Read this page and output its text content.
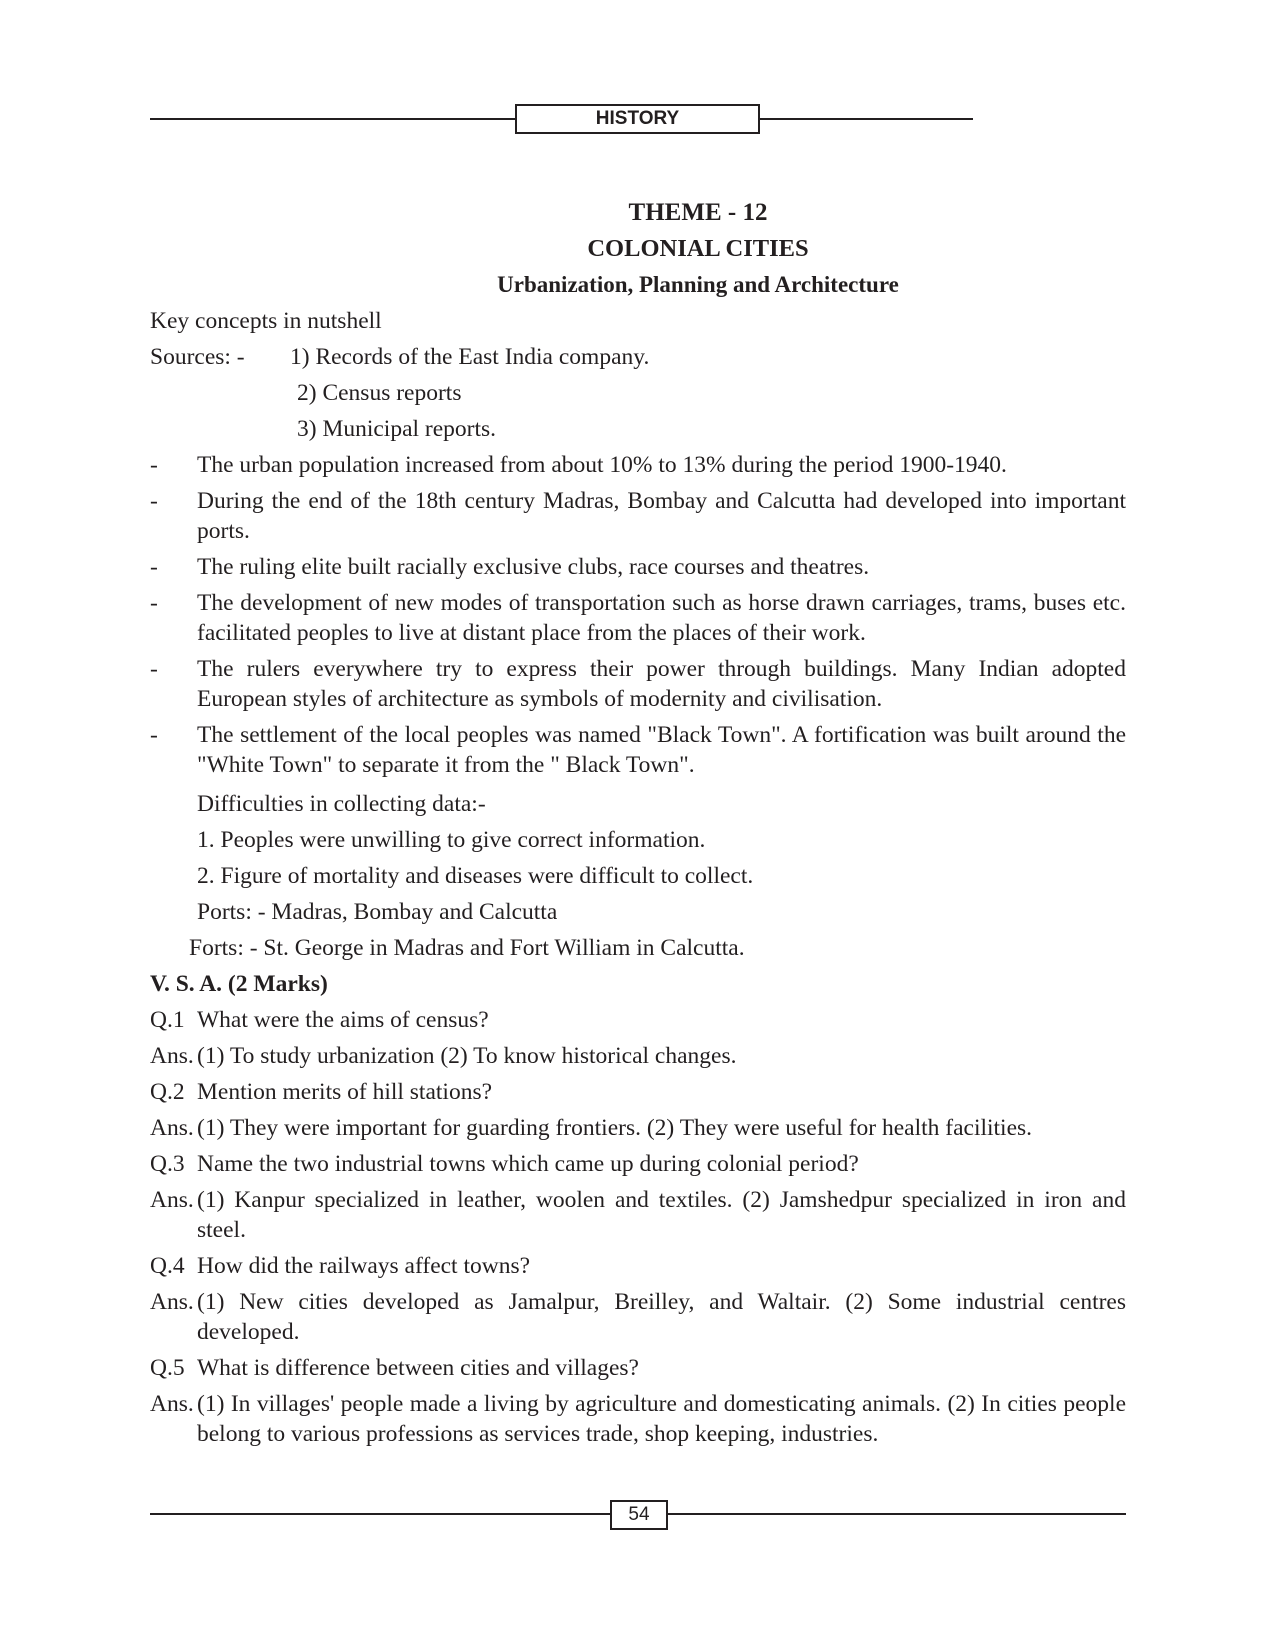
HISTORY
THEME - 12
COLONIAL CITIES
Urbanization, Planning and Architecture
Key concepts in nutshell
Sources: -	1) Records of the East India company.
2) Census reports
3) Municipal reports.
-	The urban population increased from about 10% to 13% during the period 1900-1940.
-	During the end of the 18th century Madras, Bombay and Calcutta had developed into important ports.
-	The ruling elite built racially exclusive clubs, race courses and theatres.
-	The development of new modes of transportation such as horse drawn carriages, trams, buses etc. facilitated peoples to live at distant place from the places of their work.
-	The rulers everywhere try to express their power through buildings. Many Indian adopted European styles of architecture as symbols of modernity and civilisation.
-	The settlement of the local peoples was named "Black Town". A fortification was built around the "White Town" to separate it from the " Black Town".
Difficulties in collecting data:-
1. Peoples were unwilling to give correct information.
2. Figure of mortality and diseases were difficult to collect.
Ports: - Madras, Bombay and Calcutta
Forts: - St. George in Madras and Fort William in Calcutta.
V. S. A. (2 Marks)
Q.1 What were the aims of census?
Ans. (1) To study urbanization (2) To know historical changes.
Q.2 Mention merits of hill stations?
Ans. (1) They were important for guarding frontiers. (2) They were useful for health facilities.
Q.3 Name the two industrial towns which came up during colonial period?
Ans. (1) Kanpur specialized in leather, woolen and textiles. (2) Jamshedpur specialized in iron and steel.
Q.4 How did the railways affect towns?
Ans. (1) New cities developed as Jamalpur, Breilley, and Waltair. (2) Some industrial centres developed.
Q.5 What is difference between cities and villages?
Ans. (1) In villages' people made a living by agriculture and domesticating animals. (2) In cities people belong to various professions as services trade, shop keeping, industries.
54
